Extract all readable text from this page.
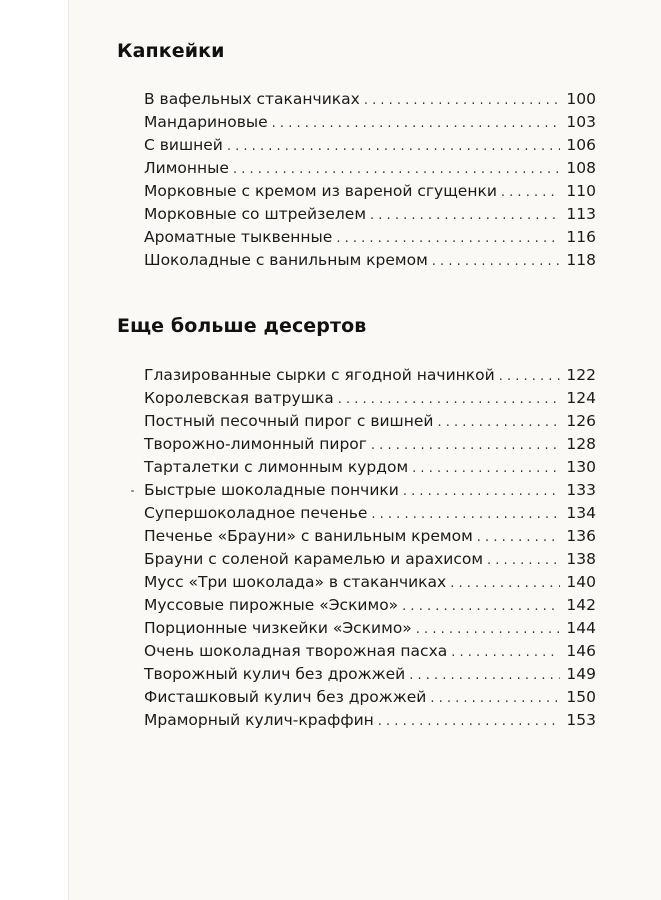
Капкейки
В вафельных стаканчиках . . .	100
Мандариновые . . .	103
С вишней . . .	106
Лимонные . . .	108
Морковные с кремом из вареной сгущенки . . .	110
Морковные со штрейзелем . . .	113
Ароматные тыквенные . . .	116
Шоколадные с ванильным кремом . . .	118
Еще больше десертов
Глазированные сырки с ягодной начинкой . . .	122
Королевская ватрушка . . .	124
Постный песочный пирог с вишней . . .	126
Творожно-лимонный пирог . . .	128
Тарталетки с лимонным курдом . . .	130
Быстрые шоколадные пончики . . .	133
Супершоколадное печенье . . .	134
Печенье «Брауни» с ванильным кремом . . .	136
Брауни с соленой карамелью и арахисом . . .	138
Мусс «Три шоколада» в стаканчиках . . .	140
Муссовые пирожные «Эскимо» . . .	142
Порционные чизкейки «Эскимо» . . .	144
Очень шоколадная творожная пасха . . .	146
Творожный кулич без дрожжей . . .	149
Фисташковый кулич без дрожжей . . .	150
Мраморный кулич-краффин . . .	153
